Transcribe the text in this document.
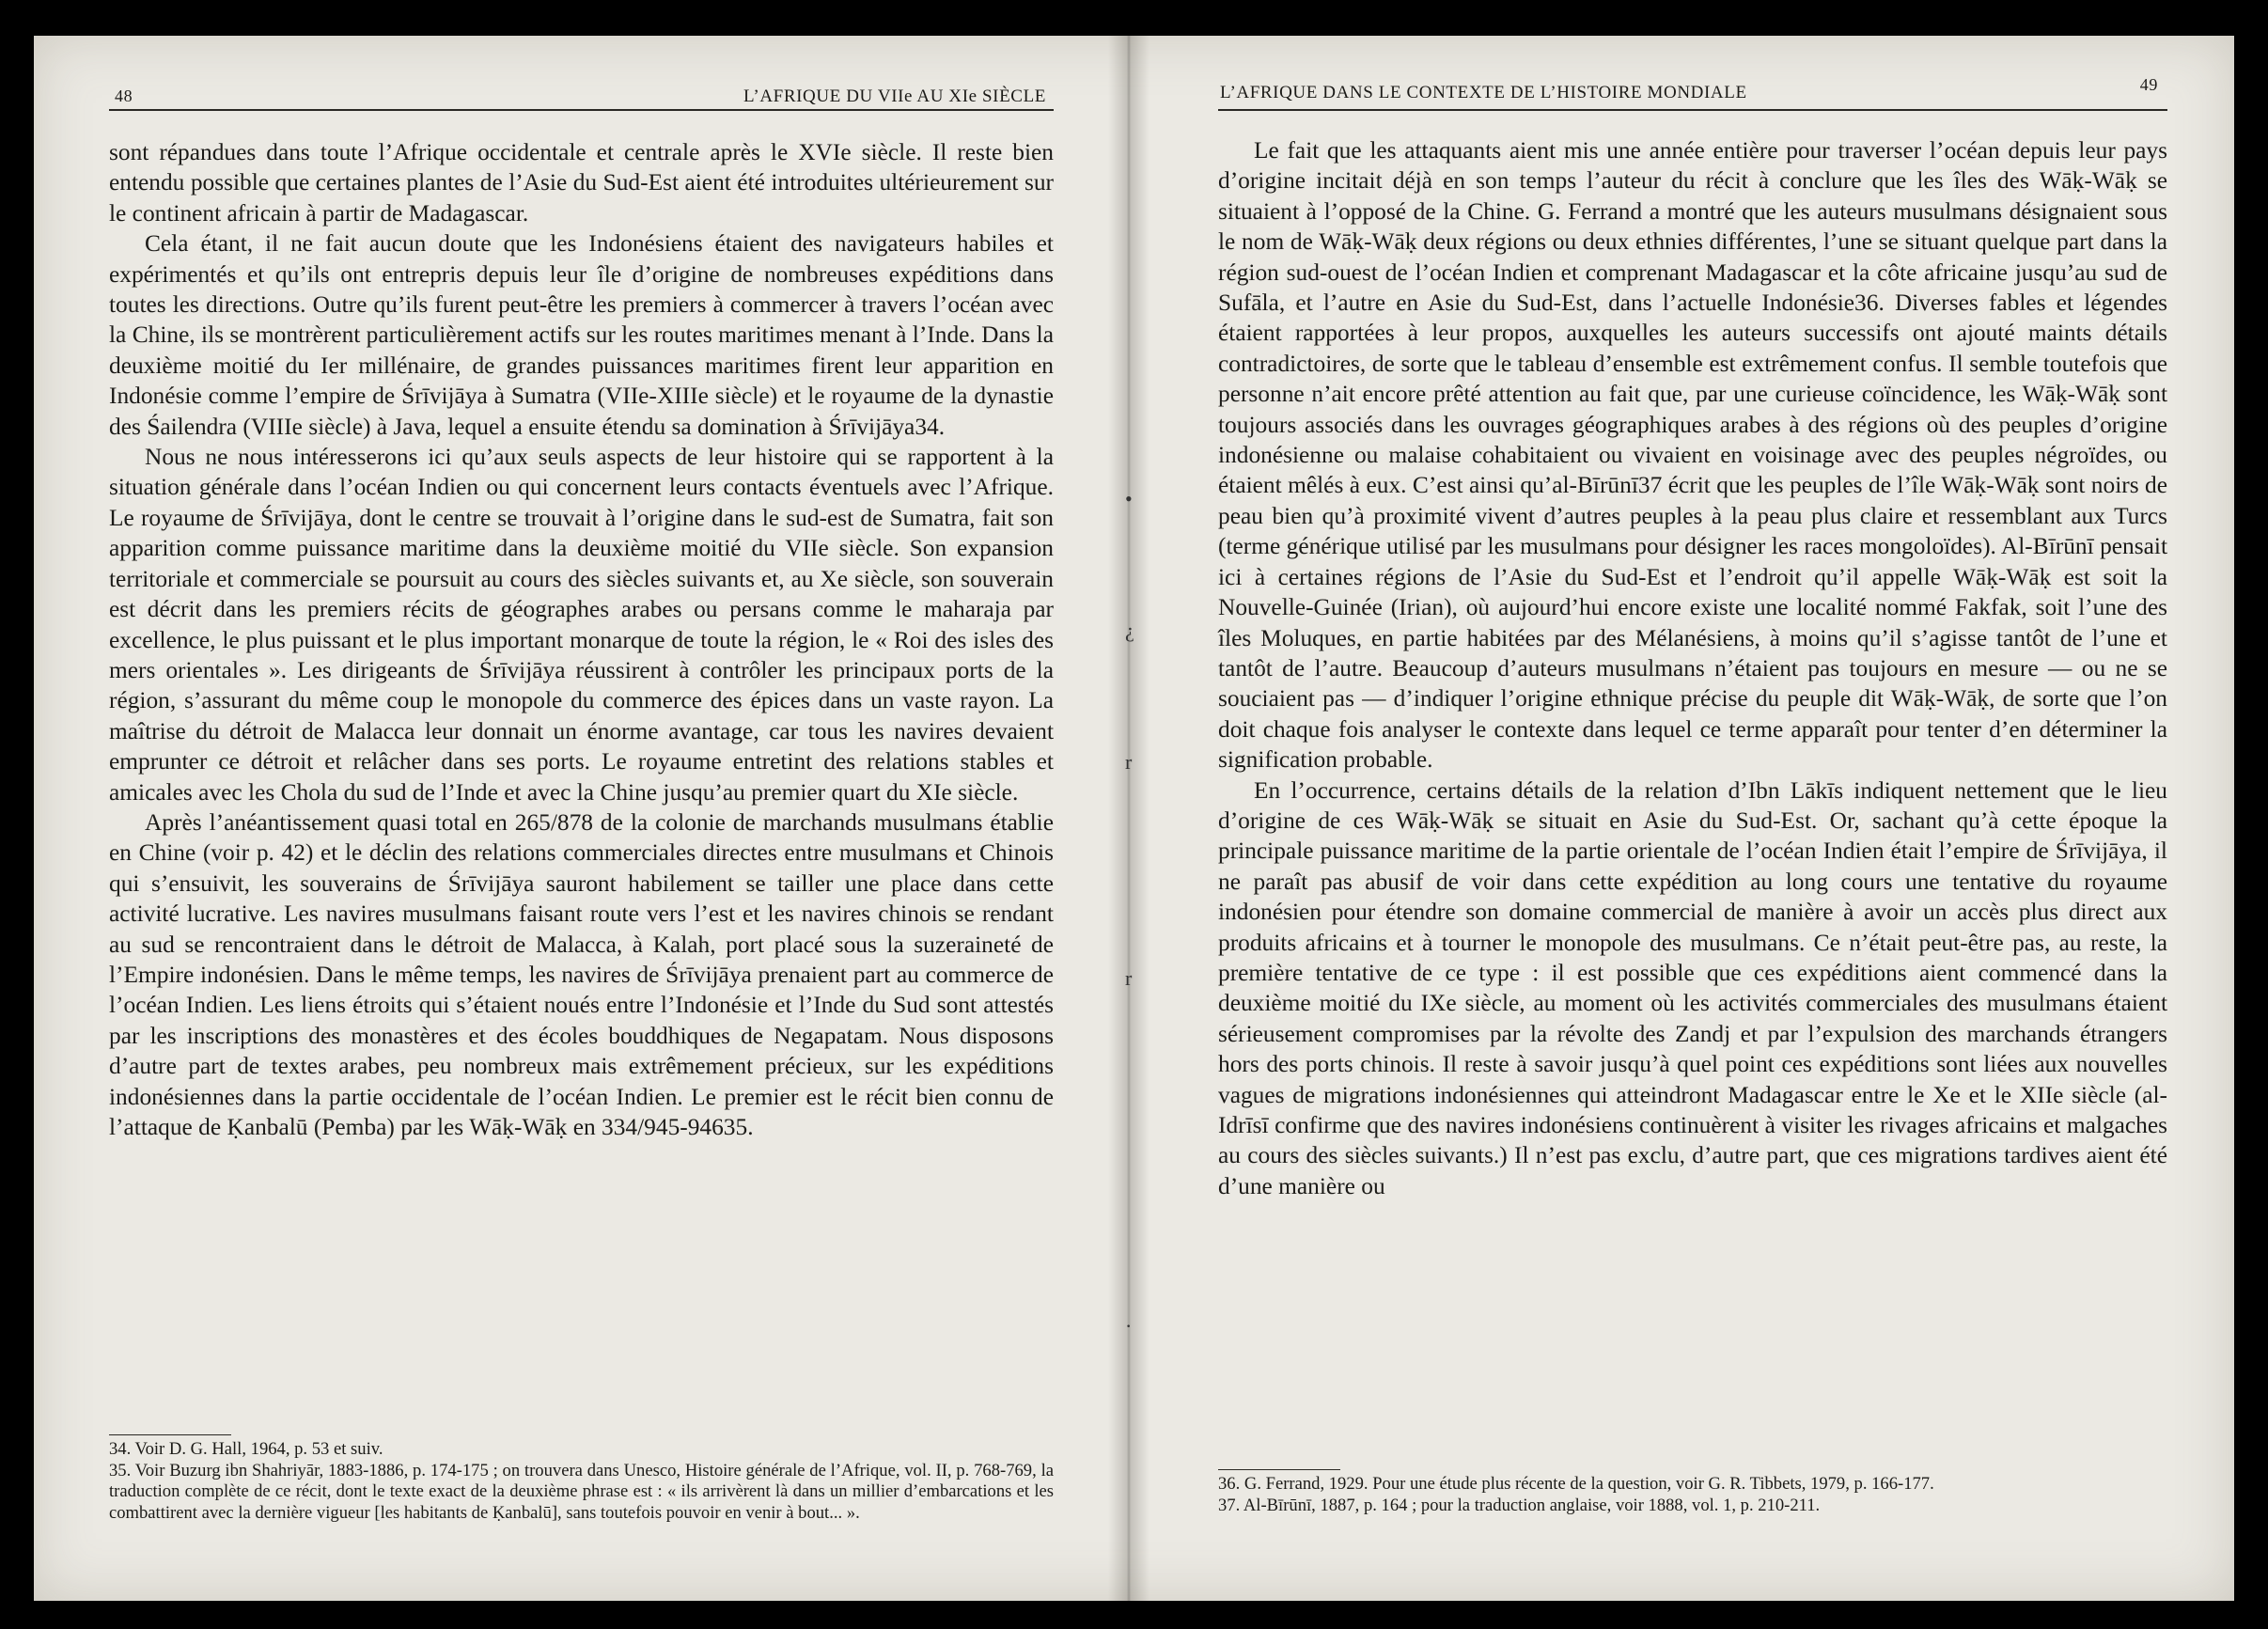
•
¿
r
r
·
48	L’AFRIQUE DU VIIe AU XIe SIÈCLE

sont répandues dans toute l’Afrique occidentale et centrale après le XVIe siècle. Il reste bien entendu possible que certaines plantes de l’Asie du Sud-Est aient été introduites ultérieurement sur le continent africain à partir de Madagascar.

Cela étant, il ne fait aucun doute que les Indonésiens étaient des navigateurs habiles et expérimentés et qu’ils ont entrepris depuis leur île d’origine de nombreuses expéditions dans toutes les directions. Outre qu’ils furent peut-être les premiers à commercer à travers l’océan avec la Chine, ils se montrèrent particulièrement actifs sur les routes maritimes menant à l’Inde. Dans la deuxième moitié du Ier millénaire, de grandes puissances maritimes firent leur apparition en Indonésie comme l’empire de Śrīvijāya à Sumatra (VIIe-XIIIe siècle) et le royaume de la dynastie des Śailendra (VIIIe siècle) à Java, lequel a ensuite étendu sa domination à Śrīvijāya34.

Nous ne nous intéresserons ici qu’aux seuls aspects de leur histoire qui se rapportent à la situation générale dans l’océan Indien ou qui concernent leurs contacts éventuels avec l’Afrique. Le royaume de Śrīvijāya, dont le centre se trouvait à l’origine dans le sud-est de Sumatra, fait son apparition comme puissance maritime dans la deuxième moitié du VIIe siècle. Son expansion territoriale et commerciale se poursuit au cours des siècles suivants et, au Xe siècle, son souverain est décrit dans les premiers récits de géographes arabes ou persans comme le maharaja par excellence, le plus puissant et le plus important monarque de toute la région, le « Roi des isles des mers orientales ». Les dirigeants de Śrīvijāya réussirent à contrôler les principaux ports de la région, s’assurant du même coup le monopole du commerce des épices dans un vaste rayon. La maîtrise du détroit de Malacca leur donnait un énorme avantage, car tous les navires devaient emprunter ce détroit et relâcher dans ses ports. Le royaume entretint des relations stables et amicales avec les Chola du sud de l’Inde et avec la Chine jusqu’au premier quart du XIe siècle.

Après l’anéantissement quasi total en 265/878 de la colonie de marchands musulmans établie en Chine (voir p. 42) et le déclin des relations commerciales directes entre musulmans et Chinois qui s’ensuivit, les souverains de Śrīvijāya sauront habilement se tailler une place dans cette activité lucrative. Les navires musulmans faisant route vers l’est et les navires chinois se rendant au sud se rencontraient dans le détroit de Malacca, à Kalah, port placé sous la suzeraineté de l’Empire indonésien. Dans le même temps, les navires de Śrīvijāya prenaient part au commerce de l’océan Indien. Les liens étroits qui s’étaient noués entre l’Indonésie et l’Inde du Sud sont attestés par les inscriptions des monastères et des écoles bouddhiques de Negapatam. Nous disposons d’autre part de textes arabes, peu nombreux mais extrêmement précieux, sur les expéditions indonésiennes dans la partie occidentale de l’océan Indien. Le premier est le récit bien connu de l’attaque de Ḳanbalū (Pemba) par les Wāḳ-Wāḳ en 334/945-94635.

34. Voir D. G. Hall, 1964, p. 53 et suiv.

35. Voir Buzurg ibn Shahriyār, 1883-1886, p. 174-175 ; on trouvera dans Unesco, Histoire générale de l’Afrique, vol. II, p. 768-769, la traduction complète de ce récit, dont le texte exact de la deuxième phrase est : « ils arrivèrent là dans un millier d’embarcations et les combattirent avec la dernière vigueur [les habitants de Ḳanbalū], sans toutefois pouvoir en venir à bout... ».

L’AFRIQUE DANS LE CONTEXTE DE L’HISTOIRE MONDIALE	49

Le fait que les attaquants aient mis une année entière pour traverser l’océan depuis leur pays d’origine incitait déjà en son temps l’auteur du récit à conclure que les îles des Wāḳ-Wāḳ se situaient à l’opposé de la Chine. G. Ferrand a montré que les auteurs musulmans désignaient sous le nom de Wāḳ-Wāḳ deux régions ou deux ethnies différentes, l’une se situant quelque part dans la région sud-ouest de l’océan Indien et comprenant Madagascar et la côte africaine jusqu’au sud de Sufāla, et l’autre en Asie du Sud-Est, dans l’actuelle Indonésie36. Diverses fables et légendes étaient rapportées à leur propos, auxquelles les auteurs successifs ont ajouté maints détails contradictoires, de sorte que le tableau d’ensemble est extrêmement confus. Il semble toutefois que personne n’ait encore prêté attention au fait que, par une curieuse coïncidence, les Wāḳ-Wāḳ sont toujours associés dans les ouvrages géographiques arabes à des régions où des peuples d’origine indonésienne ou malaise cohabitaient ou vivaient en voisinage avec des peuples négroïdes, ou étaient mêlés à eux. C’est ainsi qu’al-Bīrūnī37 écrit que les peuples de l’île Wāḳ-Wāḳ sont noirs de peau bien qu’à proximité vivent d’autres peuples à la peau plus claire et ressemblant aux Turcs (terme générique utilisé par les musulmans pour désigner les races mongoloïdes). Al-Bīrūnī pensait ici à certaines régions de l’Asie du Sud-Est et l’endroit qu’il appelle Wāḳ-Wāḳ est soit la Nouvelle-Guinée (Irian), où aujourd’hui encore existe une localité nommé Fakfak, soit l’une des îles Moluques, en partie habitées par des Mélanésiens, à moins qu’il s’agisse tantôt de l’une et tantôt de l’autre. Beaucoup d’auteurs musulmans n’étaient pas toujours en mesure — ou ne se souciaient pas — d’indiquer l’origine ethnique précise du peuple dit Wāḳ-Wāḳ, de sorte que l’on doit chaque fois analyser le contexte dans lequel ce terme apparaît pour tenter d’en déterminer la signification probable.

En l’occurrence, certains détails de la relation d’Ibn Lākīs indiquent nettement que le lieu d’origine de ces Wāḳ-Wāḳ se situait en Asie du Sud-Est. Or, sachant qu’à cette époque la principale puissance maritime de la partie orientale de l’océan Indien était l’empire de Śrīvijāya, il ne paraît pas abusif de voir dans cette expédition au long cours une tentative du royaume indonésien pour étendre son domaine commercial de manière à avoir un accès plus direct aux produits africains et à tourner le monopole des musulmans. Ce n’était peut-être pas, au reste, la première tentative de ce type : il est possible que ces expéditions aient commencé dans la deuxième moitié du IXe siècle, au moment où les activités commerciales des musulmans étaient sérieusement compromises par la révolte des Zandj et par l’expulsion des marchands étrangers hors des ports chinois. Il reste à savoir jusqu’à quel point ces expéditions sont liées aux nouvelles vagues de migrations indonésiennes qui atteindront Madagascar entre le Xe et le XIIe siècle (al-Idrīsī confirme que des navires indonésiens continuèrent à visiter les rivages africains et malgaches au cours des siècles suivants.) Il n’est pas exclu, d’autre part, que ces migrations tardives aient été d’une manière ou

36. G. Ferrand, 1929. Pour une étude plus récente de la question, voir G. R. Tibbets, 1979, p. 166-177.

37. Al-Bīrūnī, 1887, p. 164 ; pour la traduction anglaise, voir 1888, vol. 1, p. 210-211.
